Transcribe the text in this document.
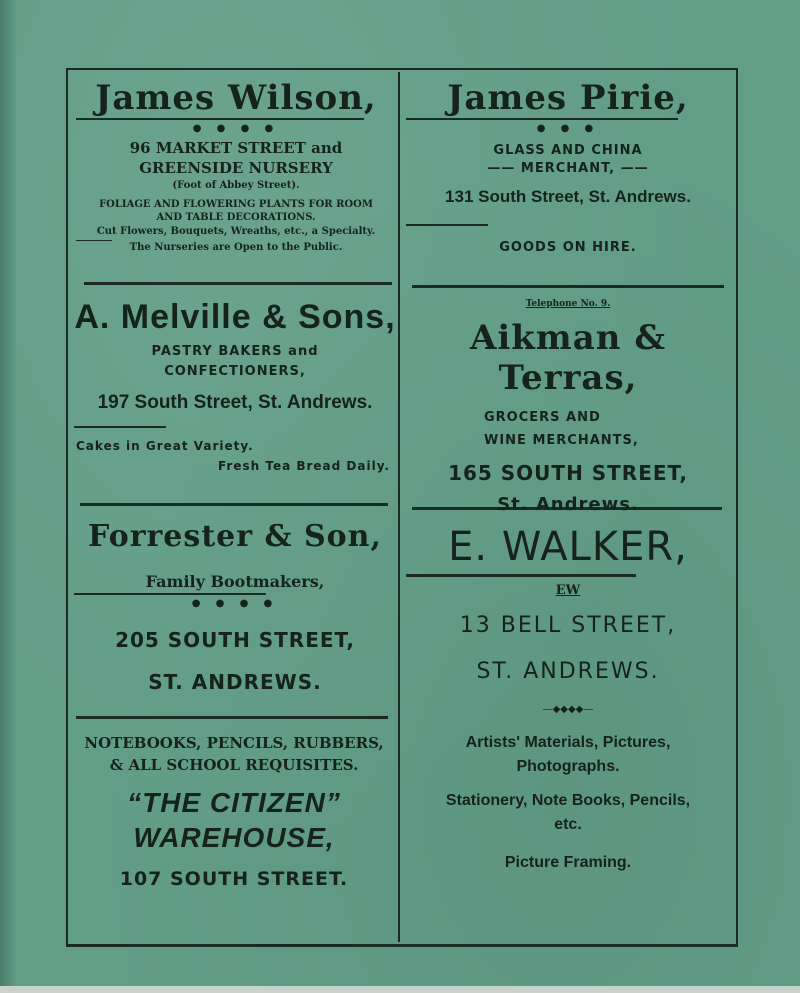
James Wilson,
● ● ● ●
96 MARKET STREET and
GREENSIDE NURSERY
(Foot of Abbey Street).
FOLIAGE AND FLOWERING PLANTS FOR ROOM
AND TABLE DECORATIONS.
Cut Flowers, Bouquets, Wreaths, etc., a Specialty.
The Nurseries are Open to the Public.
James Pirie,
● ● ●
GLASS AND CHINA
—— MERCHANT, ——
131 South Street, St. Andrews.
GOODS ON HIRE.
A. Melville & Sons,
PASTRY BAKERS and
CONFECTIONERS,
197 South Street, St. Andrews.
Cakes in Great Variety.
Fresh Tea Bread Daily.
Telephone No. 9.
Aikman & Terras,
GROCERS AND
WINE MERCHANTS,
165 SOUTH STREET,
St. Andrews.
Forrester & Son,
Family Bootmakers,
● ● ● ●
205 SOUTH STREET,
ST. ANDREWS.
E. WALKER,
EW
13 BELL STREET,
ST. ANDREWS.
—◆◆◆◆—
Artists' Materials, Pictures,
Photographs.
Stationery, Note Books, Pencils,
etc.
Picture Framing.
NOTEBOOKS, PENCILS, RUBBERS,
& ALL SCHOOL REQUISITES.
“THE CITIZEN”
WAREHOUSE,
107 SOUTH STREET.
